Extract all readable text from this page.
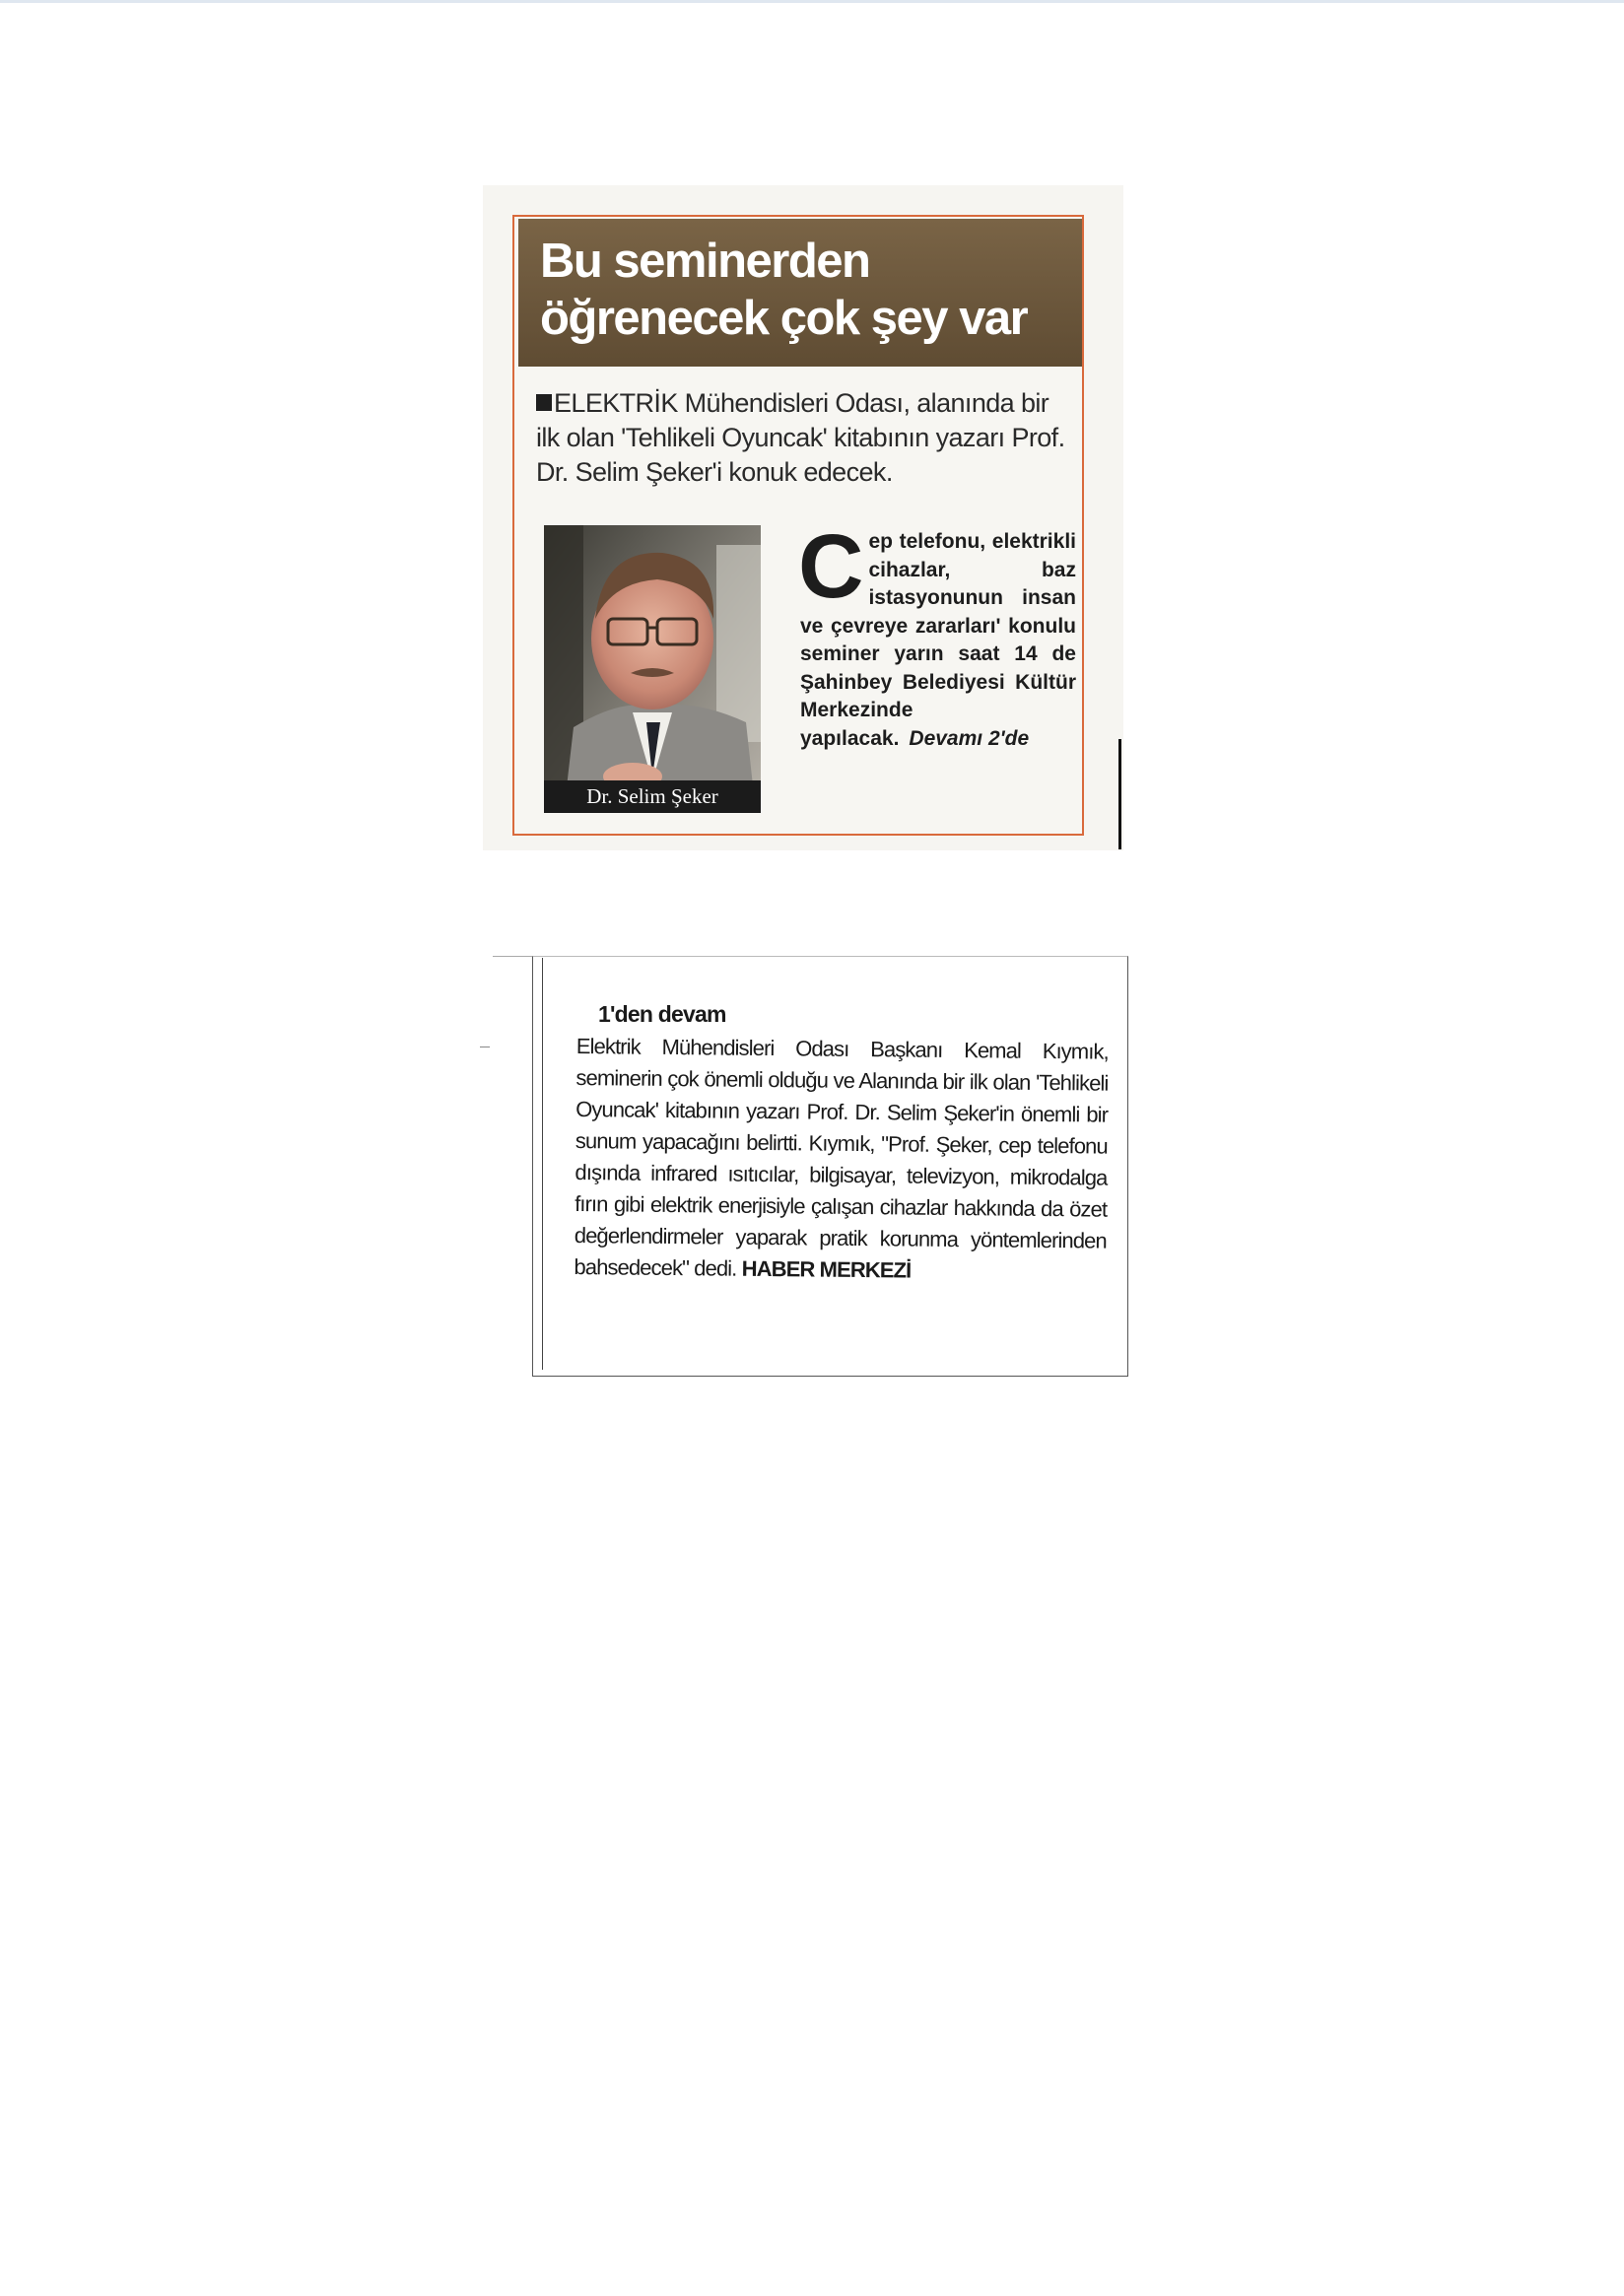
Bu seminerden
öğrenecek çok şey var
ELEKTRİK Mühendisleri Odası, alanında bir ilk olan 'Tehlikeli Oyuncak' kitabının yazarı Prof. Dr. Selim Şeker'i konuk edecek.
Dr. Selim Şeker
Cep telefonu, elektrikli cihazlar, baz istasyonunun insan ve çevreye zararları' konulu seminer yarın saat 14 de Şahinbey Belediyesi Kültür Merkezinde yapılacak. Devamı 2'de
1'den devam
Elektrik Mühendisleri Odası Başkanı Kemal Kıymık, seminerin çok önemli olduğu ve Alanında bir ilk olan 'Tehlikeli Oyuncak' kitabının yazarı Prof. Dr. Selim Şeker'in önemli bir sunum yapacağını belirtti. Kıymık, "Prof. Şeker, cep telefonu dışında infrared ısıtıcılar, bilgisayar, televizyon, mikrodalga fırın gibi elektrik enerjisiyle çalışan cihazlar hakkında da özet değerlendirmeler yaparak pratik korunma yöntemlerinden bahsedecek" dedi. HABER MERKEZİ
